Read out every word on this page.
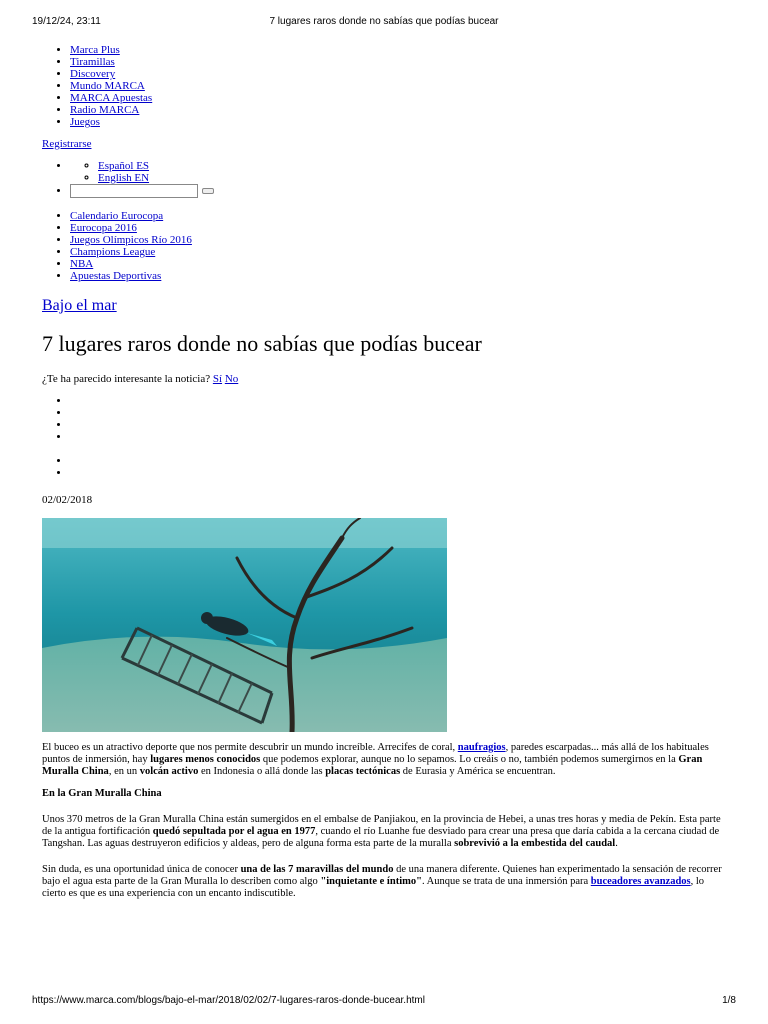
19/12/24, 23:11	7 lugares raros donde no sabías que podías bucear
• Marca Plus
• Tiramillas
• Discovery
• Mundo MARCA
• MARCA Apuestas
• Radio MARCA
• Juegos
Registrarse
◦ • Español ES
◦ English EN
•
• Calendario Eurocopa
• Eurocopa 2016
• Juegos Olímpicos Río 2016
• Champions League
• NBA
• Apuestas Deportivas
Bajo el mar
7 lugares raros donde no sabías que podías bucear
¿Te ha parecido interesante la noticia? Sí No
•
•
•
•
•
•
02/02/2018

El buceo es un atractivo deporte que nos permite descubrir un mundo increíble. Arrecifes de coral, naufragios, paredes escarpadas... más allá de los habituales puntos de inmersión, hay lugares menos conocidos que podemos explorar, aunque no lo sepamos. Lo creáis o no, también podemos sumergirnos en la Gran Muralla China, en un volcán activo en Indonesia o allá donde las placas tectónicas de Eurasia y América se encuentran.

En la Gran Muralla China

Unos 370 metros de la Gran Muralla China están sumergidos en el embalse de Panjiakou, en la provincia de Hebei, a unas tres horas y media de Pekín. Esta parte de la antigua fortificación quedó sepultada por el agua en 1977, cuando el río Luanhe fue desviado para crear una presa que daría cabida a la cercana ciudad de Tangshan. Las aguas destruyeron edificios y aldeas, pero de alguna forma esta parte de la muralla sobrevivió a la embestida del caudal.

Sin duda, es una oportunidad única de conocer una de las 7 maravillas del mundo de una manera diferente. Quienes han experimentado la sensación de recorrer bajo el agua esta parte de la Gran Muralla lo describen como algo "inquietante e íntimo". Aunque se trata de una inmersión para buceadores avanzados, lo cierto es que es una experiencia con un encanto indiscutible.

https://www.marca.com/blogs/bajo-el-mar/2018/02/02/7-lugares-raros-donde-bucear.html	1/8
